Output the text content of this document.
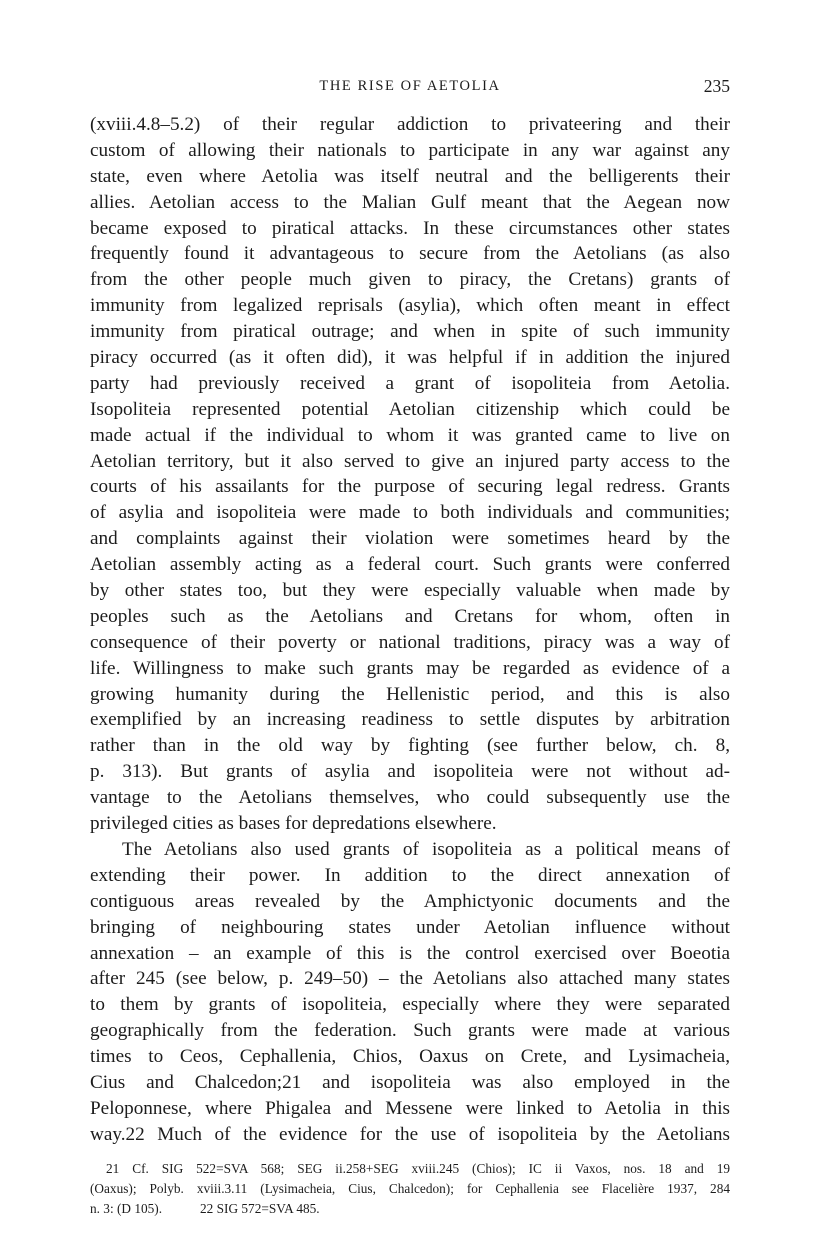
THE RISE OF AETOLIA	235
(xviii.4.8–5.2) of their regular addiction to privateering and their
custom of allowing their nationals to participate in any war against any
state, even where Aetolia was itself neutral and the belligerents their
allies. Aetolian access to the Malian Gulf meant that the Aegean now
became exposed to piratical attacks. In these circumstances other states
frequently found it advantageous to secure from the Aetolians (as also
from the other people much given to piracy, the Cretans) grants of
immunity from legalized reprisals (asylia), which often meant in effect
immunity from piratical outrage; and when in spite of such immunity
piracy occurred (as it often did), it was helpful if in addition the injured
party had previously received a grant of isopoliteia from Aetolia.
Isopoliteia represented potential Aetolian citizenship which could be
made actual if the individual to whom it was granted came to live on
Aetolian territory, but it also served to give an injured party access to the
courts of his assailants for the purpose of securing legal redress. Grants
of asylia and isopoliteia were made to both individuals and communities;
and complaints against their violation were sometimes heard by the
Aetolian assembly acting as a federal court. Such grants were conferred
by other states too, but they were especially valuable when made by
peoples such as the Aetolians and Cretans for whom, often in
consequence of their poverty or national traditions, piracy was a way of
life. Willingness to make such grants may be regarded as evidence of a
growing humanity during the Hellenistic period, and this is also
exemplified by an increasing readiness to settle disputes by arbitration
rather than in the old way by fighting (see further below, ch. 8,
p. 313). But grants of asylia and isopoliteia were not without ad-
vantage to the Aetolians themselves, who could subsequently use the
privileged cities as bases for depredations elsewhere.
The Aetolians also used grants of isopoliteia as a political means of
extending their power. In addition to the direct annexation of
contiguous areas revealed by the Amphictyonic documents and the
bringing of neighbouring states under Aetolian influence without
annexation – an example of this is the control exercised over Boeotia
after 245 (see below, p. 249–50) – the Aetolians also attached many states
to them by grants of isopoliteia, especially where they were separated
geographically from the federation. Such grants were made at various
times to Ceos, Cephallenia, Chios, Oaxus on Crete, and Lysimacheia,
Cius and Chalcedon;21 and isopoliteia was also employed in the
Peloponnese, where Phigalea and Messene were linked to Aetolia in this
way.22 Much of the evidence for the use of isopoliteia by the Aetolians
21 Cf. SIG 522=SVA 568; SEG ii.258+SEG xviii.245 (Chios); IC ii Vaxos, nos. 18 and 19
(Oaxus); Polyb. xviii.3.11 (Lysimacheia, Cius, Chalcedon); for Cephallenia see Flacelière 1937, 284
n. 3: (D 105).	22 SIG 572=SVA 485.
